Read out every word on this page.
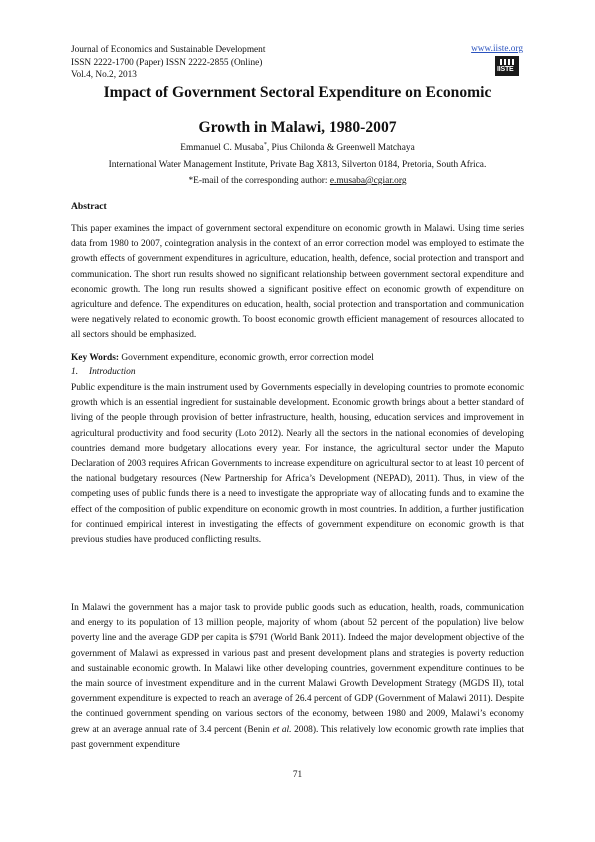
Journal of Economics and Sustainable Development
ISSN 2222-1700 (Paper) ISSN 2222-2855 (Online)
Vol.4, No.2, 2013
www.iiste.org
IISTE
Impact of Government Sectoral Expenditure on Economic
Growth in Malawi, 1980-2007
Emmanuel C. Musaba*, Pius Chilonda & Greenwell Matchaya
International Water Management Institute, Private Bag X813, Silverton 0184, Pretoria, South Africa.
*E-mail of the corresponding author: e.musaba@cgiar.org
Abstract
This paper examines the impact of government sectoral expenditure on economic growth in Malawi. Using time series data from 1980 to 2007, cointegration analysis in the context of an error correction model was employed to estimate the growth effects of government expenditures in agriculture, education, health, defence, social protection and transport and communication. The short run results showed no significant relationship between government sectoral expenditure and economic growth. The long run results showed a significant positive effect on economic growth of expenditure on agriculture and defence. The expenditures on education, health, social protection and transportation and communication were negatively related to economic growth. To boost economic growth efficient management of resources allocated to all sectors should be emphasized.
Key Words: Government expenditure, economic growth, error correction model
1. Introduction
Public expenditure is the main instrument used by Governments especially in developing countries to promote economic growth which is an essential ingredient for sustainable development. Economic growth brings about a better standard of living of the people through provision of better infrastructure, health, housing, education services and improvement in agricultural productivity and food security (Loto 2012). Nearly all the sectors in the national economies of developing countries demand more budgetary allocations every year. For instance, the agricultural sector under the Maputo Declaration of 2003 requires African Governments to increase expenditure on agricultural sector to at least 10 percent of the national budgetary resources (New Partnership for Africa’s Development (NEPAD), 2011). Thus, in view of the competing uses of public funds there is a need to investigate the appropriate way of allocating funds and to examine the effect of the composition of public expenditure on economic growth in most countries. In addition, a further justification for continued empirical interest in investigating the effects of government expenditure on economic growth is that previous studies have produced conflicting results.
In Malawi the government has a major task to provide public goods such as education, health, roads, communication and energy to its population of 13 million people, majority of whom (about 52 percent of the population) live below poverty line and the average GDP per capita is $791 (World Bank 2011). Indeed the major development objective of the government of Malawi as expressed in various past and present development plans and strategies is poverty reduction and sustainable economic growth. In Malawi like other developing countries, government expenditure continues to be the main source of investment expenditure and in the current Malawi Growth Development Strategy (MGDS II), total government expenditure is expected to reach an average of 26.4 percent of GDP (Government of Malawi 2011). Despite the continued government spending on various sectors of the economy, between 1980 and 2009, Malawi’s economy grew at an average annual rate of 3.4 percent (Benin et al. 2008). This relatively low economic growth rate implies that past government expenditure
71
